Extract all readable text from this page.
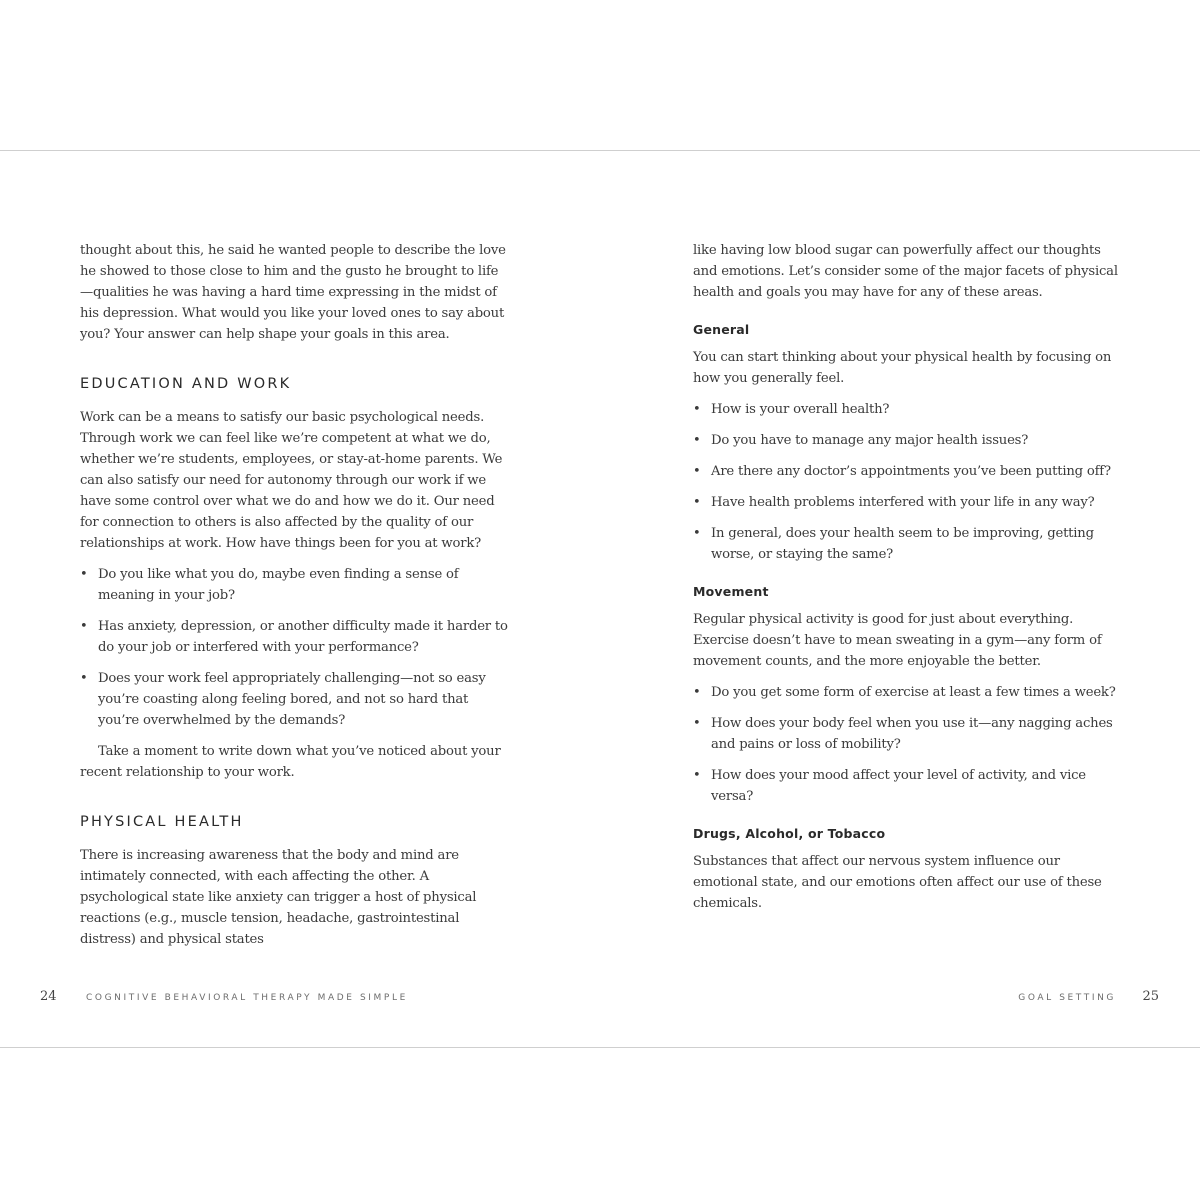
thought about this, he said he wanted people to describe the love he showed to those close to him and the gusto he brought to life—qualities he was having a hard time expressing in the midst of his depression. What would you like your loved ones to say about you? Your answer can help shape your goals in this area.

EDUCATION AND WORK

Work can be a means to satisfy our basic psychological needs. Through work we can feel like we’re competent at what we do, whether we’re students, employees, or stay-at-home parents. We can also satisfy our need for autonomy through our work if we have some control over what we do and how we do it. Our need for connection to others is also affected by the quality of our relationships at work. How have things been for you at work?

• Do you like what you do, maybe even finding a sense of meaning in your job?
• Has anxiety, depression, or another difficulty made it harder to do your job or interfered with your performance?
• Does your work feel appropriately challenging—not so easy you’re coasting along feeling bored, and not so hard that you’re overwhelmed by the demands?

Take a moment to write down what you’ve noticed about your recent relationship to your work.

PHYSICAL HEALTH

There is increasing awareness that the body and mind are intimately connected, with each affecting the other. A psychological state like anxiety can trigger a host of physical reactions (e.g., muscle tension, headache, gastrointestinal distress) and physical states

24	COGNITIVE BEHAVIORAL THERAPY MADE SIMPLE

like having low blood sugar can powerfully affect our thoughts and emotions. Let’s consider some of the major facets of physical health and goals you may have for any of these areas.

General

You can start thinking about your physical health by focusing on how you generally feel.

• How is your overall health?
• Do you have to manage any major health issues?
• Are there any doctor’s appointments you’ve been putting off?
• Have health problems interfered with your life in any way?
• In general, does your health seem to be improving, getting worse, or staying the same?
Movement

Regular physical activity is good for just about everything. Exercise doesn’t have to mean sweating in a gym—any form of movement counts, and the more enjoyable the better.

• Do you get some form of exercise at least a few times a week?
• How does your body feel when you use it—any nagging aches and pains or loss of mobility?
• How does your mood affect your level of activity, and vice versa?
Drugs, Alcohol, or Tobacco

Substances that affect our nervous system influence our emotional state, and our emotions often affect our use of these chemicals.

GOAL SETTING 25
